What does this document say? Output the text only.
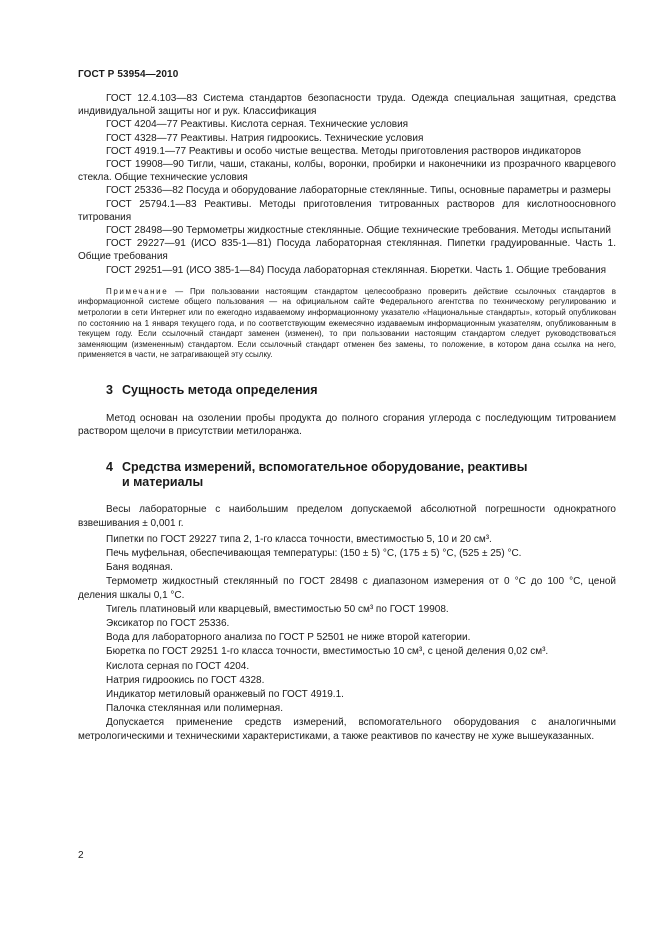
ГОСТ Р 53954—2010

ГОСТ 12.4.103—83 Система стандартов безопасности труда. Одежда специальная защитная, средства индивидуальной защиты ног и рук. Классификация

ГОСТ 4204—77 Реактивы. Кислота серная. Технические условия

ГОСТ 4328—77 Реактивы. Натрия гидроокись. Технические условия

ГОСТ 4919.1—77 Реактивы и особо чистые вещества. Методы приготовления растворов индикаторов

ГОСТ 19908—90 Тигли, чаши, стаканы, колбы, воронки, пробирки и наконечники из прозрачного кварцевого стекла. Общие технические условия

ГОСТ 25336—82 Посуда и оборудование лабораторные стеклянные. Типы, основные параметры и размеры

ГОСТ 25794.1—83 Реактивы. Методы приготовления титрованных растворов для кислотноосновного титрования

ГОСТ 28498—90 Термометры жидкостные стеклянные. Общие технические требования. Методы испытаний

ГОСТ 29227—91 (ИСО 835-1—81) Посуда лабораторная стеклянная. Пипетки градуированные. Часть 1. Общие требования

ГОСТ 29251—91 (ИСО 385-1—84) Посуда лабораторная стеклянная. Бюретки. Часть 1. Общие требования

Примечание — При пользовании настоящим стандартом целесообразно проверить действие ссылочных стандартов в информационной системе общего пользования — на официальном сайте Федерального агентства по техническому регулированию и метрологии в сети Интернет или по ежегодно издаваемому информационному указателю «Национальные стандарты», который опубликован по состоянию на 1 января текущего года, и по соответствующим ежемесячно издаваемым информационным указателям, опубликованным в текущем году. Если ссылочный стандарт заменен (изменен), то при пользовании настоящим стандартом следует руководствоваться заменяющим (измененным) стандартом. Если ссылочный стандарт отменен без замены, то положение, в котором дана ссылка на него, применяется в части, не затрагивающей эту ссылку.

3 Сущность метода определения

Метод основан на озолении пробы продукта до полного сгорания углерода с последующим титрованием раствором щелочи в присутствии метилоранжа.

4 Средства измерений, вспомогательное оборудование, реактивы

и материалы

Весы лабораторные с наибольшим пределом допускаемой абсолютной погрешности однократного взвешивания ± 0,001 г.

Пипетки по ГОСТ 29227 типа 2, 1-го класса точности, вместимостью 5, 10 и 20 см³.

Печь муфельная, обеспечивающая температуры: (150 ± 5) °С, (175 ± 5) °С, (525 ± 25) °С.

Баня водяная.

Термометр жидкостный стеклянный по ГОСТ 28498 с диапазоном измерения от 0 °С до 100 °С, ценой деления шкалы 0,1 °С.

Тигель платиновый или кварцевый, вместимостью 50 см³ по ГОСТ 19908.

Эксикатор по ГОСТ 25336.

Вода для лабораторного анализа по ГОСТ Р 52501 не ниже второй категории.

Бюретка по ГОСТ 29251 1-го класса точности, вместимостью 10 см³, с ценой деления 0,02 см³.

Кислота серная по ГОСТ 4204.

Натрия гидроокись по ГОСТ 4328.

Индикатор метиловый оранжевый по ГОСТ 4919.1.

Палочка стеклянная или полимерная.

Допускается применение средств измерений, вспомогательного оборудования с аналогичными метрологическими и техническими характеристиками, а также реактивов по качеству не хуже вышеуказанных.

2
